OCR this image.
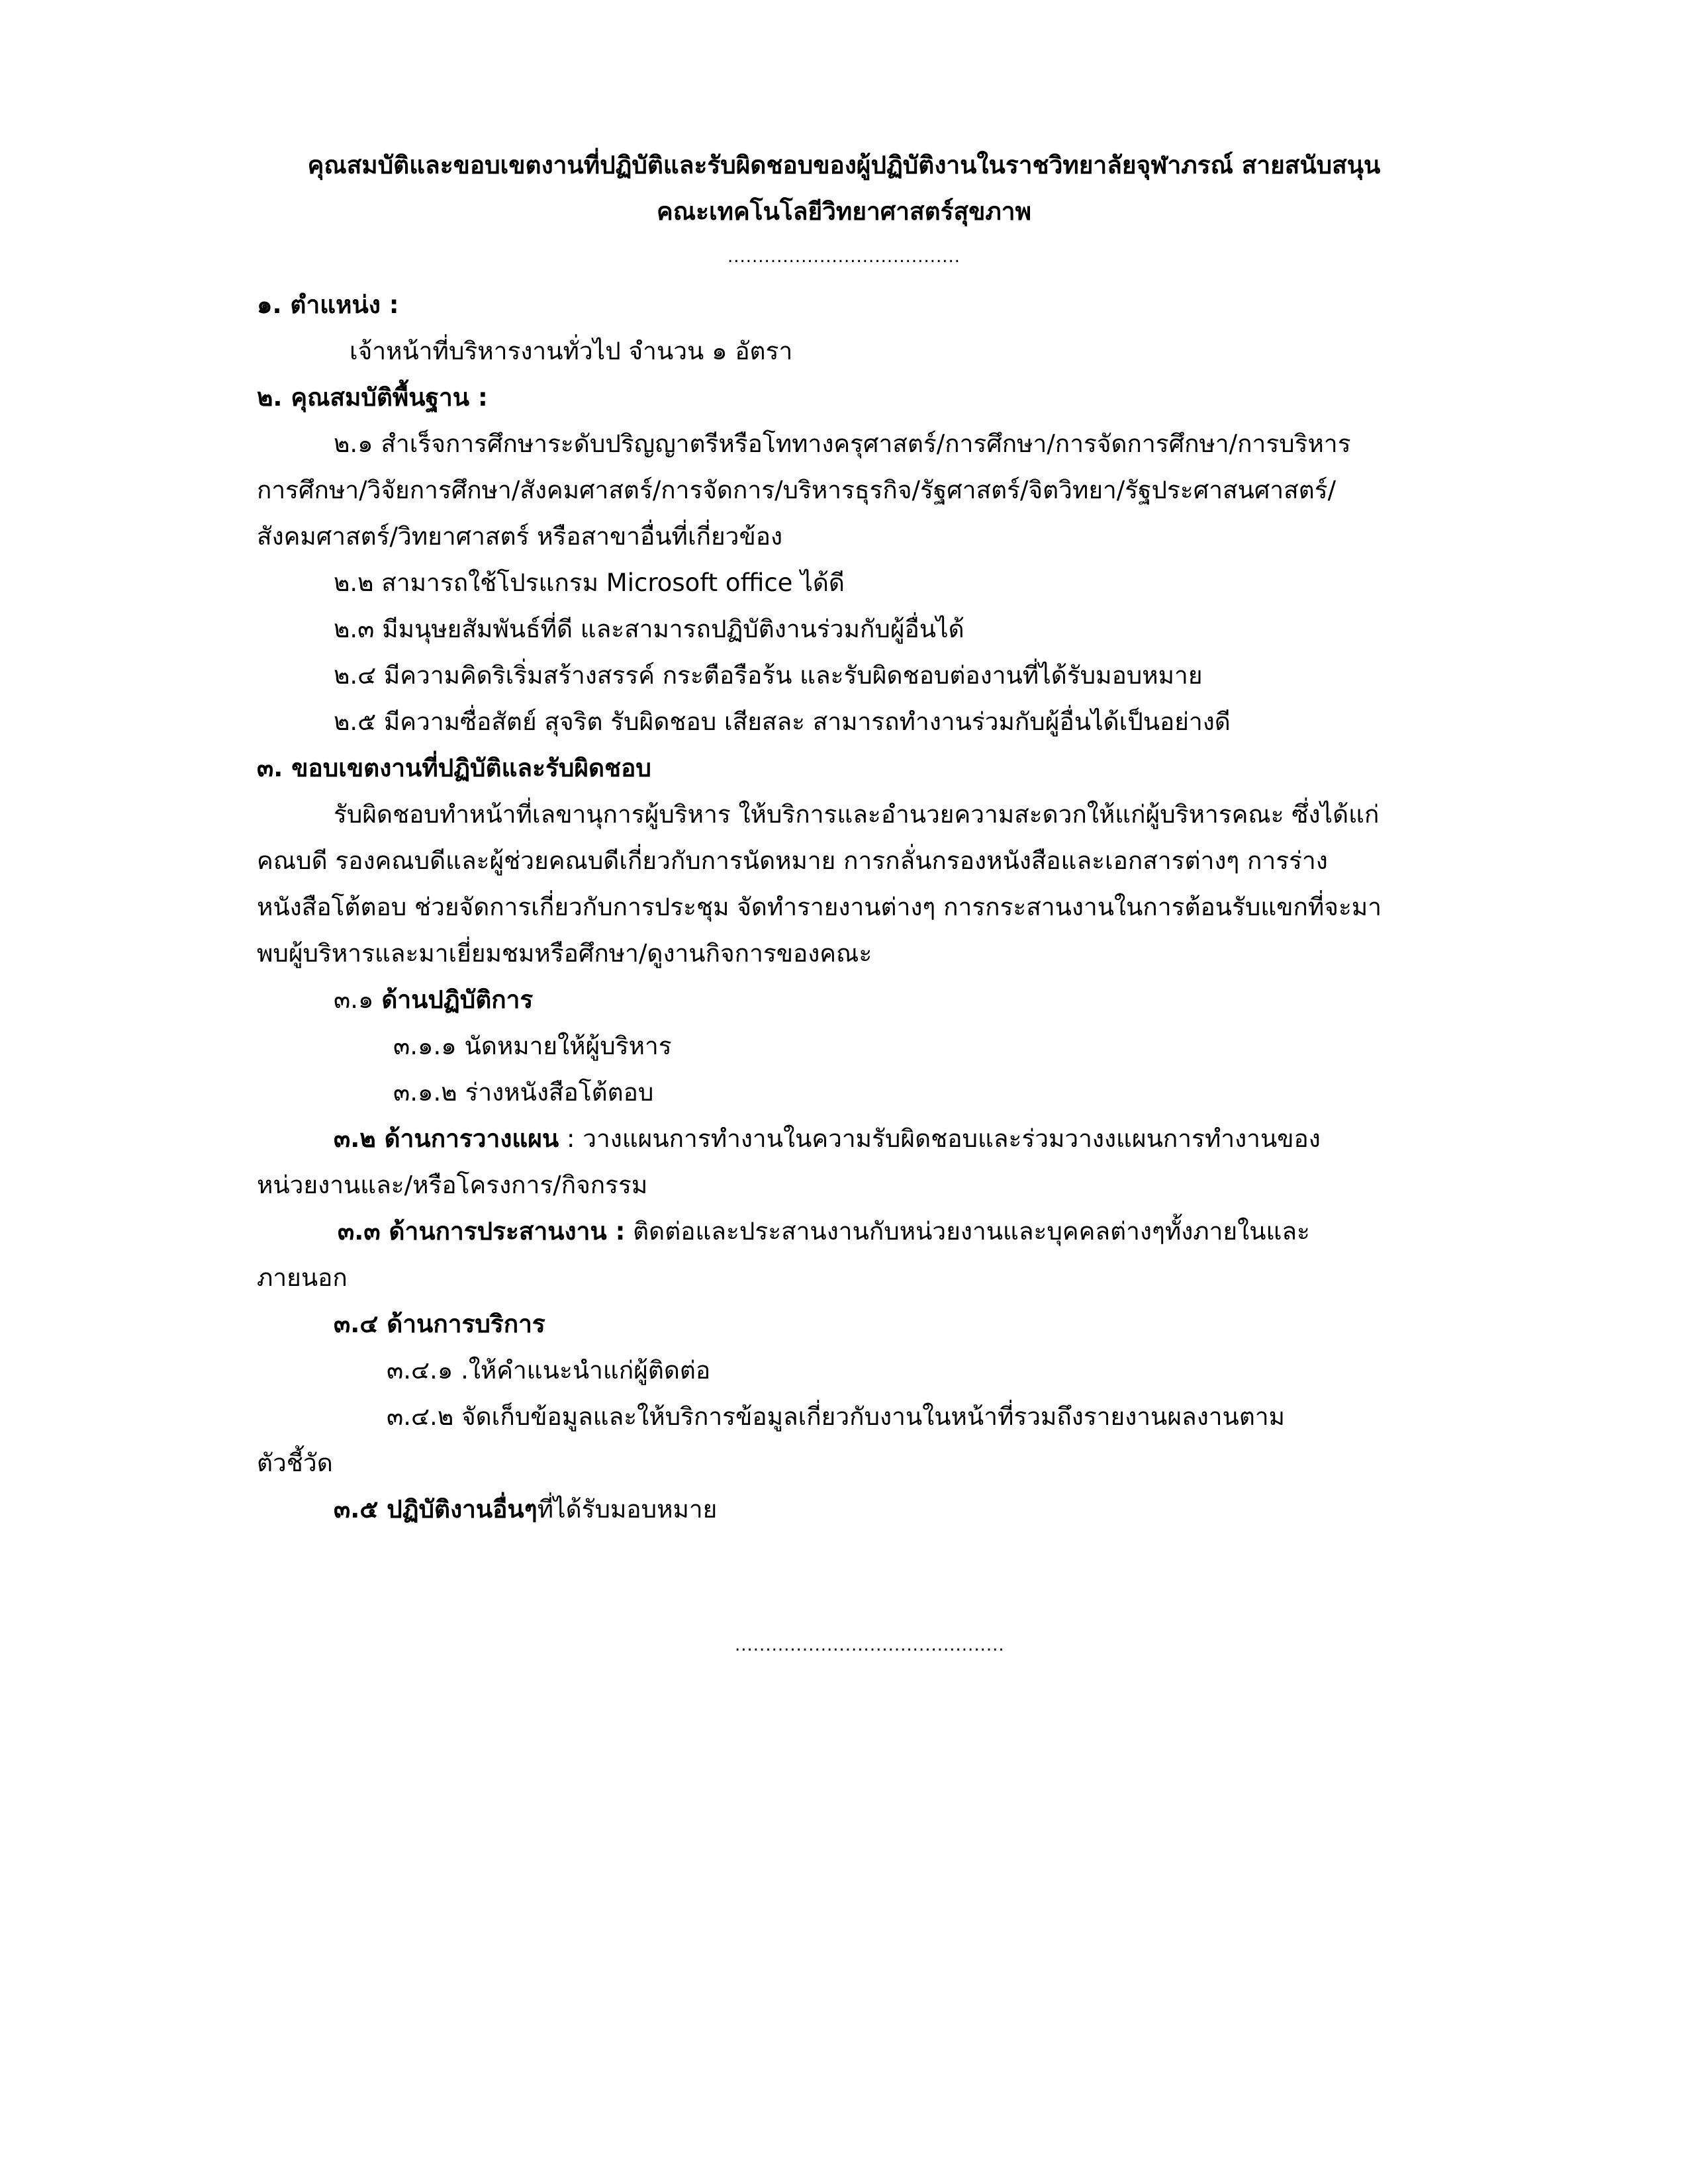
คุณสมบัติและขอบเขตงานที่ปฏิบัติและรับผิดชอบของผู้ปฏิบัติงานในราชวิทยาลัยจุฬาภรณ์ สายสนับสนุน
คณะเทคโนโลยีวิทยาศาสตร์สุขภาพ
......................................
๑. ตำแหน่ง :
เจ้าหน้าที่บริหารงานทั่วไป จำนวน ๑ อัตรา
๒. คุณสมบัติพื้นฐาน :
๒.๑ สำเร็จการศึกษาระดับปริญญาตรีหรือโททางครุศาสตร์/การศึกษา/การจัดการศึกษา/การบริหาร
การศึกษา/วิจัยการศึกษา/สังคมศาสตร์/การจัดการ/บริหารธุรกิจ/รัฐศาสตร์/จิตวิทยา/รัฐประศาสนศาสตร์/
สังคมศาสตร์/วิทยาศาสตร์ หรือสาขาอื่นที่เกี่ยวข้อง
๒.๒ สามารถใช้โปรแกรม Microsoft office ได้ดี
๒.๓ มีมนุษยสัมพันธ์ที่ดี และสามารถปฏิบัติงานร่วมกับผู้อื่นได้
๒.๔ มีความคิดริเริ่มสร้างสรรค์ กระตือรือร้น และรับผิดชอบต่องานที่ได้รับมอบหมาย
๒.๕ มีความซื่อสัตย์ สุจริต รับผิดชอบ เสียสละ สามารถทำงานร่วมกับผู้อื่นได้เป็นอย่างดี
๓. ขอบเขตงานที่ปฏิบัติและรับผิดชอบ
รับผิดชอบทำหน้าที่เลขานุการผู้บริหาร ให้บริการและอำนวยความสะดวกให้แก่ผู้บริหารคณะ ซึ่งได้แก่
คณบดี รองคณบดีและผู้ช่วยคณบดีเกี่ยวกับการนัดหมาย การกลั่นกรองหนังสือและเอกสารต่างๆ การร่าง
หนังสือโต้ตอบ ช่วยจัดการเกี่ยวกับการประชุม จัดทำรายงานต่างๆ การกระสานงานในการต้อนรับแขกที่จะมา
พบผู้บริหารและมาเยี่ยมชมหรือศึกษา/ดูงานกิจการของคณะ
๓.๑ ด้านปฏิบัติการ
๓.๑.๑ นัดหมายให้ผู้บริหาร
๓.๑.๒ ร่างหนังสือโต้ตอบ
๓.๒ ด้านการวางแผน : วางแผนการทำงานในความรับผิดชอบและร่วมวางงแผนการทำงานของ
หน่วยงานและ/หรือโครงการ/กิจกรรม
๓.๓ ด้านการประสานงาน : ติดต่อและประสานงานกับหน่วยงานและบุคคลต่างๆทั้งภายในและ
ภายนอก
๓.๔ ด้านการบริการ
๓.๔.๑ .ให้คำแนะนำแก่ผู้ติดต่อ
๓.๔.๒ จัดเก็บข้อมูลและให้บริการข้อมูลเกี่ยวกับงานในหน้าที่รวมถึงรายงานผลงานตาม
ตัวชี้วัด
๓.๕ ปฏิบัติงานอื่นๆที่ได้รับมอบหมาย
............................................
